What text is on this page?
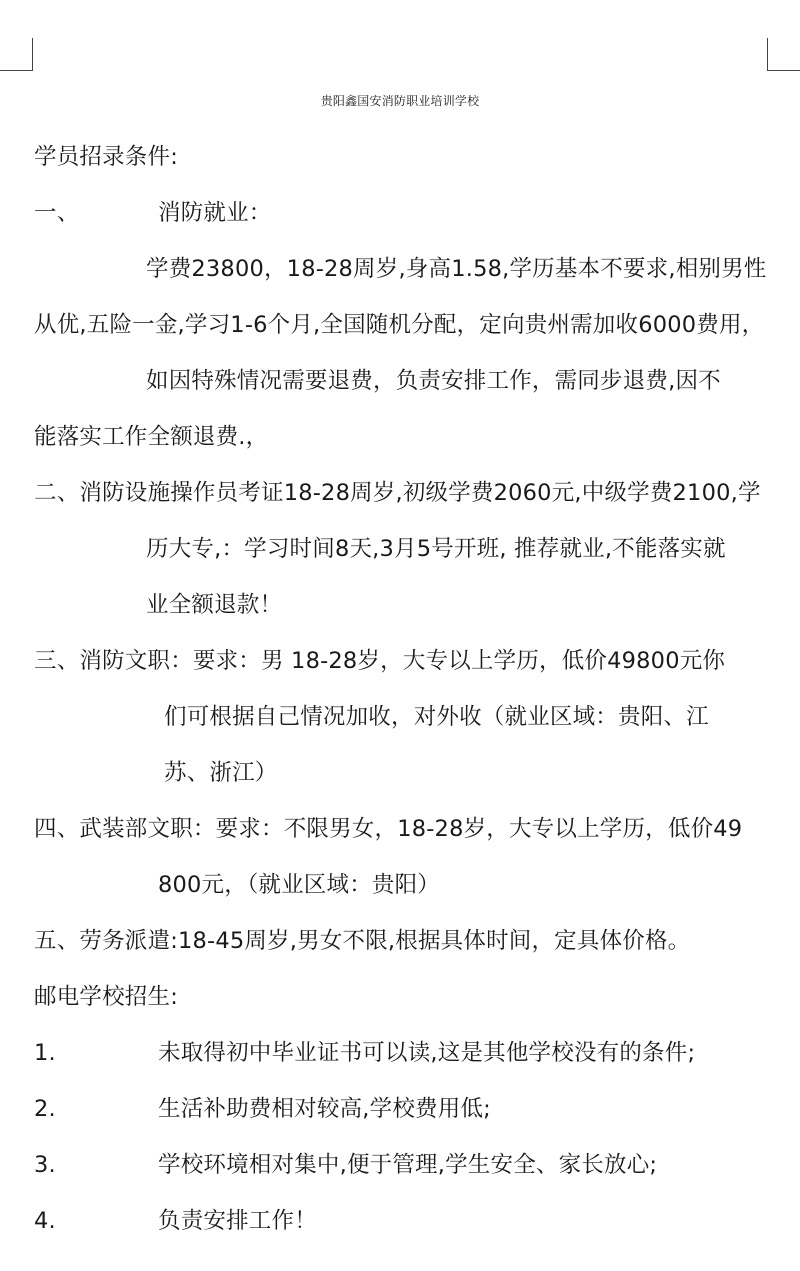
贵阳鑫国安消防职业培训学校
学员招录条件:
一、	消防就业：
学费23800，18-28周岁,身高1.58,学历基本不要求,相别男性
从优,五险一金,学习1-6个月,全国随机分配，定向贵州需加收6000费用，
如因特殊情况需要退费，负责安排工作，需同步退费,因不
能落实工作全额退费.，
二、消防设施操作员考证18-28周岁,初级学费2060元,中级学费2100,学
历大专,：学习时间8天,3月5号开班, 推荐就业,不能落实就
业全额退款！
三、消防文职：要求：男 18-28岁，大专以上学历，低价49800元你
们可根据自己情况加收，对外收（就业区域：贵阳、江
苏、浙江）
四、武装部文职：要求：不限男女，18-28岁，大专以上学历，低价49
800元，（就业区域：贵阳）
五、劳务派遣:18-45周岁,男女不限,根据具体时间，定具体价格。
邮电学校招生:
1.	未取得初中毕业证书可以读,这是其他学校没有的条件;
2.	生活补助费相对较高,学校费用低;
3.	学校环境相对集中,便于管理,学生安全、家长放心;
4.	负责安排工作！
